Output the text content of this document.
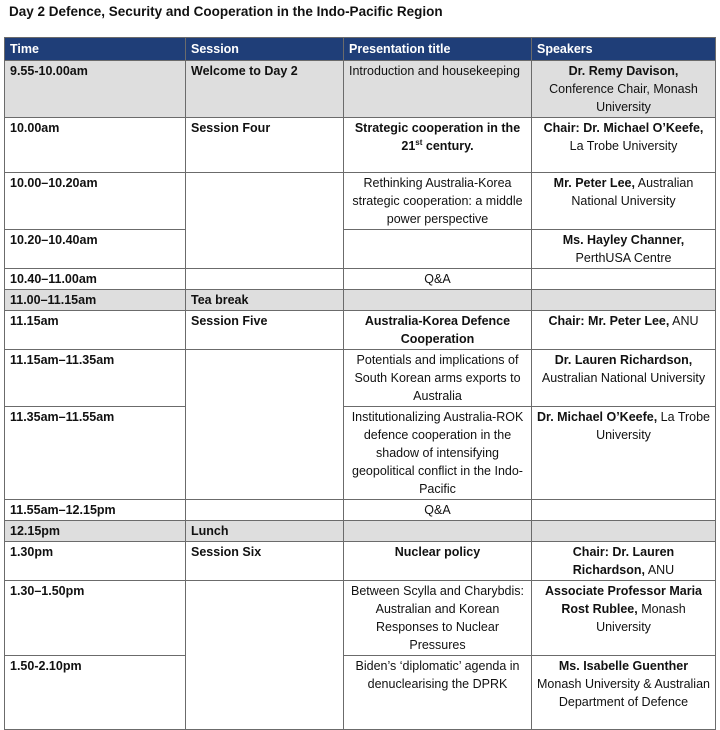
Day 2 Defence, Security and Cooperation in the Indo-Pacific Region
Time	Session	Presentation title	Speakers
9.55-10.00am	Welcome to Day 2	Introduction and housekeeping	Dr. Remy Davison, Conference Chair, Monash University
10.00am	Session Four	Strategic cooperation in the 21st century.	Chair: Dr. Michael O’Keefe, La Trobe University
10.00–10.20am		Rethinking Australia-Korea strategic cooperation: a middle power perspective	Mr. Peter Lee, Australian National University
10.20–10.40am			Ms. Hayley Channer, PerthUSA Centre
10.40–11.00am		Q&A	
11.00–11.15am	Tea break		
11.15am	Session Five	Australia-Korea Defence Cooperation	Chair: Mr. Peter Lee, ANU
11.15am–11.35am		Potentials and implications of South Korean arms exports to Australia	Dr. Lauren Richardson, Australian National University
11.35am–11.55am		Institutionalizing Australia-ROK defence cooperation in the shadow of intensifying geopolitical conflict in the Indo-Pacific	Dr. Michael O’Keefe, La Trobe University
11.55am–12.15pm		Q&A	
12.15pm	Lunch		
1.30pm	Session Six	Nuclear policy	Chair: Dr. Lauren Richardson, ANU
1.30–1.50pm		Between Scylla and Charybdis: Australian and Korean Responses to Nuclear Pressures	Associate Professor Maria Rost Rublee, Monash University
1.50-2.10pm		Biden’s ‘diplomatic’ agenda in denuclearising the DPRK	Ms. Isabelle Guenther Monash University & Australian Department of Defence
